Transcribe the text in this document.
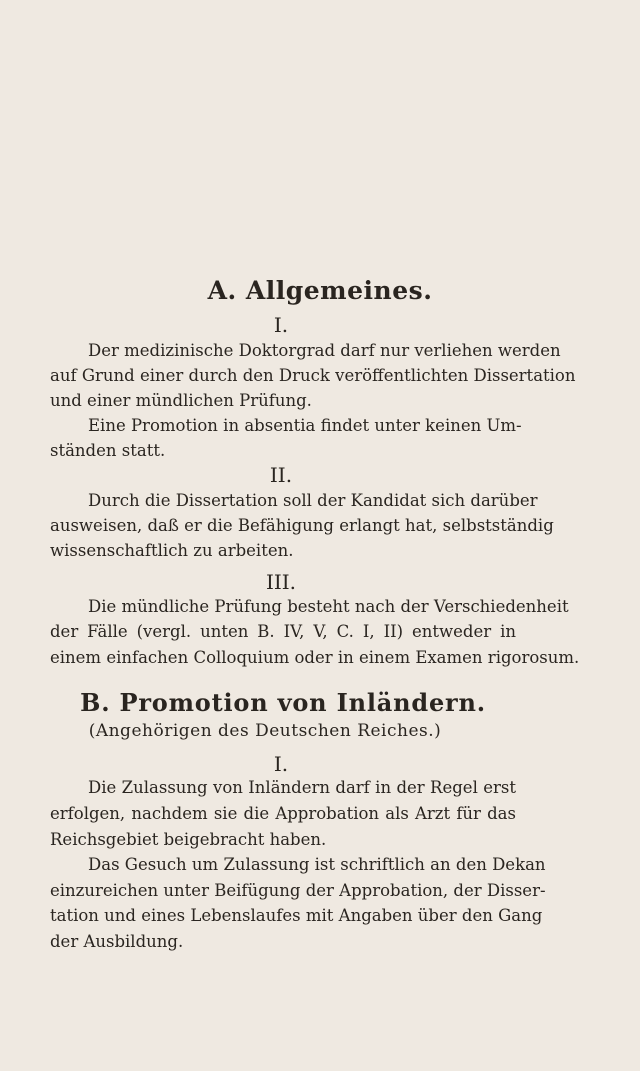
A. Allgemeines.
I.
Der medizinische Doktorgrad darf nur verliehen werden
auf Grund einer durch den Druck veröffentlichten Dissertation
und einer mündlichen Prüfung.
Eine Promotion in absentia findet unter keinen Um-
ständen statt.
II.
Durch die Dissertation soll der Kandidat sich darüber
ausweisen, daß er die Befähigung erlangt hat, selbstständig
wissenschaftlich zu arbeiten.
III.
Die mündliche Prüfung besteht nach der Verschiedenheit
der Fälle (vergl. unten B. IV, V, C. I, II) entweder in
einem einfachen Colloquium oder in einem Examen rigorosum.
B. Promotion von Inländern.
(Angehörigen des Deutschen Reiches.)
I.
Die Zulassung von Inländern darf in der Regel erst
erfolgen, nachdem sie die Approbation als Arzt für das
Reichsgebiet beigebracht haben.
Das Gesuch um Zulassung ist schriftlich an den Dekan
einzureichen unter Beifügung der Approbation, der Disser-
tation und eines Lebenslaufes mit Angaben über den Gang
der Ausbildung.
